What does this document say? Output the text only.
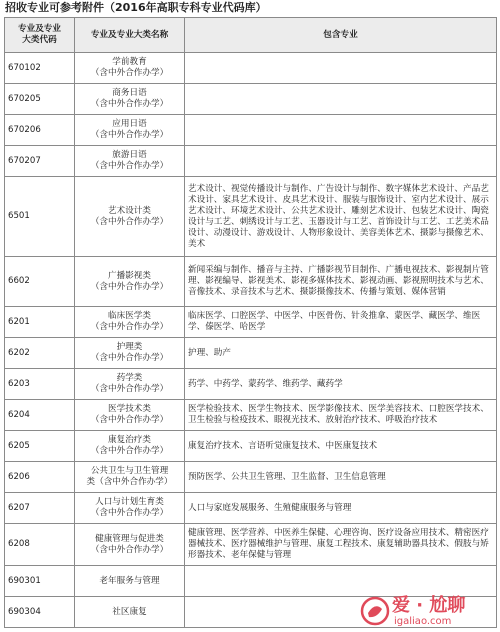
招收专业可参考附件（2016年高职专科专业代码库）
专业及专业
大类代码	专业及专业大类名称	包含专业
670102	学前教育
（含中外合作办学）	

670205	商务日语
（含中外合作办学）	

670206	应用日语
（含中外合作办学）	

670207	旅游日语
（含中外合作办学）	

6501	艺术设计类
（含中外合作办学）	艺术设计、视觉传播设计与制作、广告设计与制作、数字媒体艺术设计、产品艺术设计、家具艺术设计、皮具艺术设计、服装与服饰设计、室内艺术设计、展示艺术设计、环境艺术设计、公共艺术设计、雕刻艺术设计、包装艺术设计、陶瓷设计与工艺、刺绣设计与工艺、玉器设计与工艺、首饰设计与工艺、工艺美术品设计、动漫设计、游戏设计、人物形象设计、美容美体艺术、摄影与摄像艺术、美术
6602	广播影视类
（含中外合作办学）	新闻采编与制作、播音与主持、广播影视节目制作、广播电视技术、影视制片管理、影视编导、影视美术、影视多媒体技术、影视动画、影视照明技术与艺术、音像技术、录音技术与艺术、摄影摄像技术、传播与策划、媒体营销
6201	临床医学类
（含中外合作办学）	临床医学、口腔医学、中医学、中医骨伤、针灸推拿、蒙医学、藏医学、维医学、傣医学、哈医学
6202	护理类
（含中外合作办学）	护理、助产
6203	药学类
（含中外合作办学）	药学、中药学、蒙药学、维药学、藏药学
6204	医学技术类
（含中外合作办学）	医学检验技术、医学生物技术、医学影像技术、医学美容技术、口腔医学技术、卫生检验与检疫技术、眼视光技术、放射治疗技术、呼吸治疗技术
6205	康复治疗类
（含中外合作办学）	康复治疗技术、言语听觉康复技术、中医康复技术
6206	公共卫生与卫生管理
类（含中外合作办学）	预防医学、公共卫生管理、卫生监督、卫生信息管理
6207	人口与计划生育类
（含中外合作办学）	人口与家庭发展服务、生殖健康服务与管理
6208	健康管理与促进类
（含中外合作办学）	健康管理、医学营养、中医养生保健、心理咨询、医疗设备应用技术、精密医疗器械技术、医疗器械维护与管理、康复工程技术、康复辅助器具技术、假肢与矫形器技术、老年保健与管理
690301	老年服务与管理	

690304	社区康复	
		爱 · 尬聊
igaliao.com
